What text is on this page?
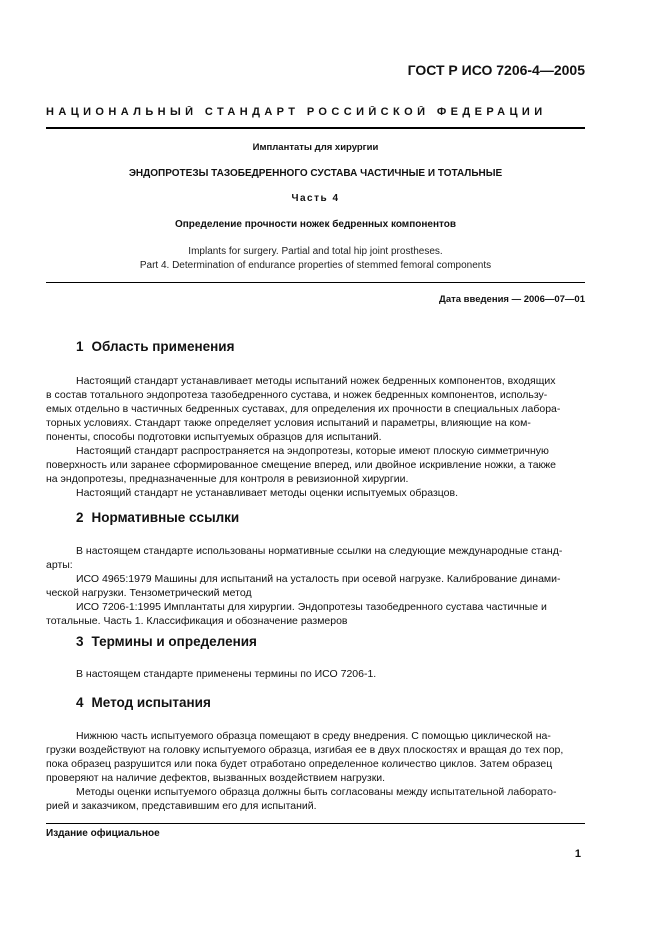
ГОСТ Р ИСО 7206-4—2005
НАЦИОНАЛЬНЫЙ СТАНДАРТ РОССИЙСКОЙ ФЕДЕРАЦИИ
Имплантаты для хирургии
ЭНДОПРОТЕЗЫ ТАЗОБЕДРЕННОГО СУСТАВА ЧАСТИЧНЫЕ И ТОТАЛЬНЫЕ
Часть 4
Определение прочности ножек бедренных компонентов
Implants for surgery. Partial and total hip joint prostheses.
Part 4. Determination of endurance properties of stemmed femoral components
Дата введения — 2006—07—01
1 Область применения
Настоящий стандарт устанавливает методы испытаний ножек бедренных компонентов, входящих
в состав тотального эндопротеза тазобедренного сустава, и ножек бедренных компонентов, использу-
емых отдельно в частичных бедренных суставах, для определения их прочности в специальных лабора-
торных условиях. Стандарт также определяет условия испытаний и параметры, влияющие на ком-
поненты, способы подготовки испытуемых образцов для испытаний.
Настоящий стандарт распространяется на эндопротезы, которые имеют плоскую симметричную
поверхность или заранее сформированное смещение вперед, или двойное искривление ножки, а также
на эндопротезы, предназначенные для контроля в ревизионной хирургии.
Настоящий стандарт не устанавливает методы оценки испытуемых образцов.
2 Нормативные ссылки
В настоящем стандарте использованы нормативные ссылки на следующие международные станд-
арты:
ИСО 4965:1979 Машины для испытаний на усталость при осевой нагрузке. Калибрование динами-
ческой нагрузки. Тензометрический метод
ИСО 7206-1:1995 Имплантаты для хирургии. Эндопротезы тазобедренного сустава частичные и
тотальные. Часть 1. Классификация и обозначение размеров
3 Термины и определения
В настоящем стандарте применены термины по ИСО 7206-1.
4 Метод испытания
Нижнюю часть испытуемого образца помещают в среду внедрения. С помощью циклической на-
грузки воздействуют на головку испытуемого образца, изгибая ее в двух плоскостях и вращая до тех пор,
пока образец разрушится или пока будет отработано определенное количество циклов. Затем образец
проверяют на наличие дефектов, вызванных воздействием нагрузки.
Методы оценки испытуемого образца должны быть согласованы между испытательной лаборато-
рией и заказчиком, представившим его для испытаний.
Издание официальное
1
